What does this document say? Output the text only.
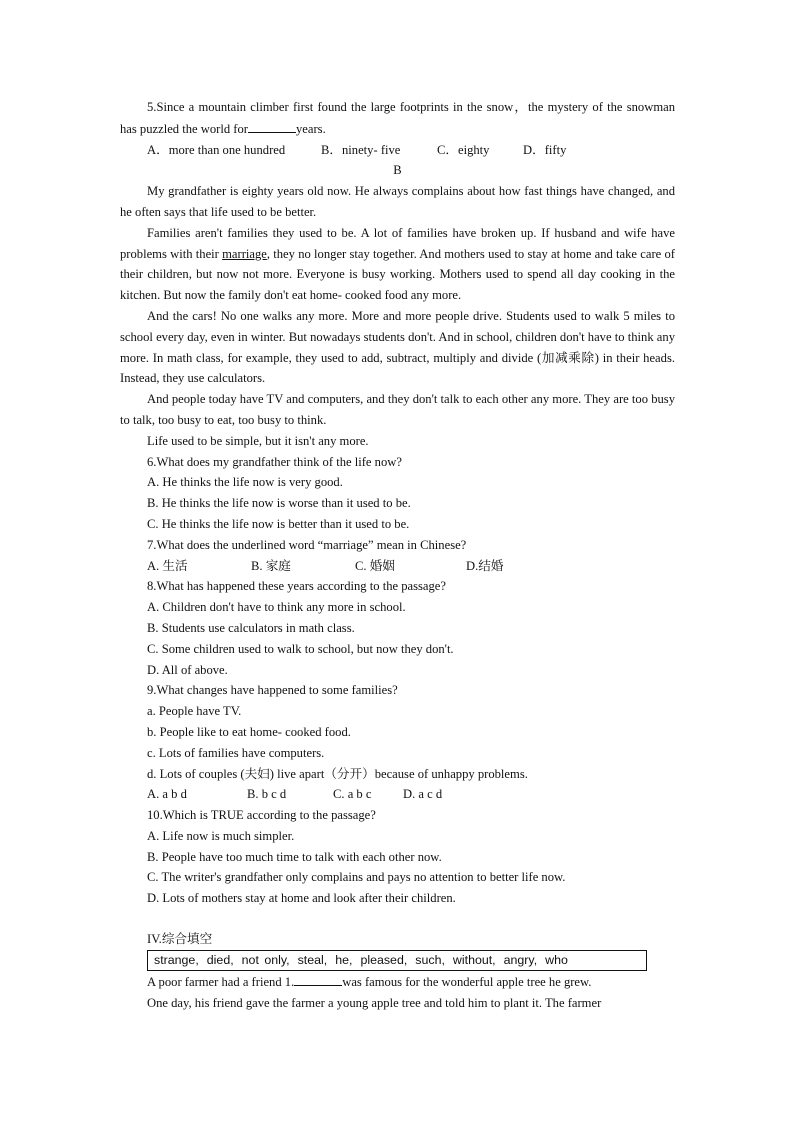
5.Since a mountain climber first found the large footprints in the snow，the mystery of the snowman has puzzled the world for	years.

A．more than one hundred	B．ninety- five	C．eighty	D．fifty

B

My grandfather is eighty years old now. He always complains about how fast things have changed, and he often says that life used to be better.

Families aren't families they used to be. A lot of families have broken up. If husband and wife have problems with their marriage, they no longer stay together. And mothers used to stay at home and take care of their children, but now not more. Everyone is busy working. Mothers used to spend all day cooking in the kitchen. But now the family don't eat home- cooked food any more.

And the cars! No one walks any more. More and more people drive. Students used to walk 5 miles to school every day, even in winter. But nowadays students don't. And in school, children don't have to think any more. In math class, for example, they used to add, subtract, multiply and divide (加减乘除) in their heads. Instead, they use calculators.

And people today have TV and computers, and they don't talk to each other any more. They are too busy to talk, too busy to eat, too busy to think.

Life used to be simple, but it isn't any more.

6.What does my grandfather think of the life now?

A. He thinks the life now is very good.

B. He thinks the life now is worse than it used to be.

C. He thinks the life now is better than it used to be.

7.What does the underlined word “marriage” mean in Chinese?

A. 生活	B. 家庭	C. 婚姻	D.结婚

8.What has happened these years according to the passage?

A. Children don't have to think any more in school.

B. Students use calculators in math class.

C. Some children used to walk to school, but now they don't.

D. All of above.

9.What changes have happened to some families?

a. People have TV.

b. People like to eat home- cooked food.

c. Lots of families have computers.

d. Lots of couples (夫妇) live apart（分开）because of unhappy problems.

A. a b d	B. b c d	C. a b c	D. a c d

10.Which is TRUE according to the passage?

A. Life now is much simpler.

B. People have too much time to talk with each other now.

C. The writer's grandfather only complains and pays no attention to better life now.

D. Lots of mothers stay at home and look after their children.

IV.综合填空

strange, died, not only, steal, he, pleased, such, without, angry, who

A poor farmer had a friend 1.	was famous for the wonderful apple tree he grew.

One day, his friend gave the farmer a young apple tree and told him to plant it. The farmer
